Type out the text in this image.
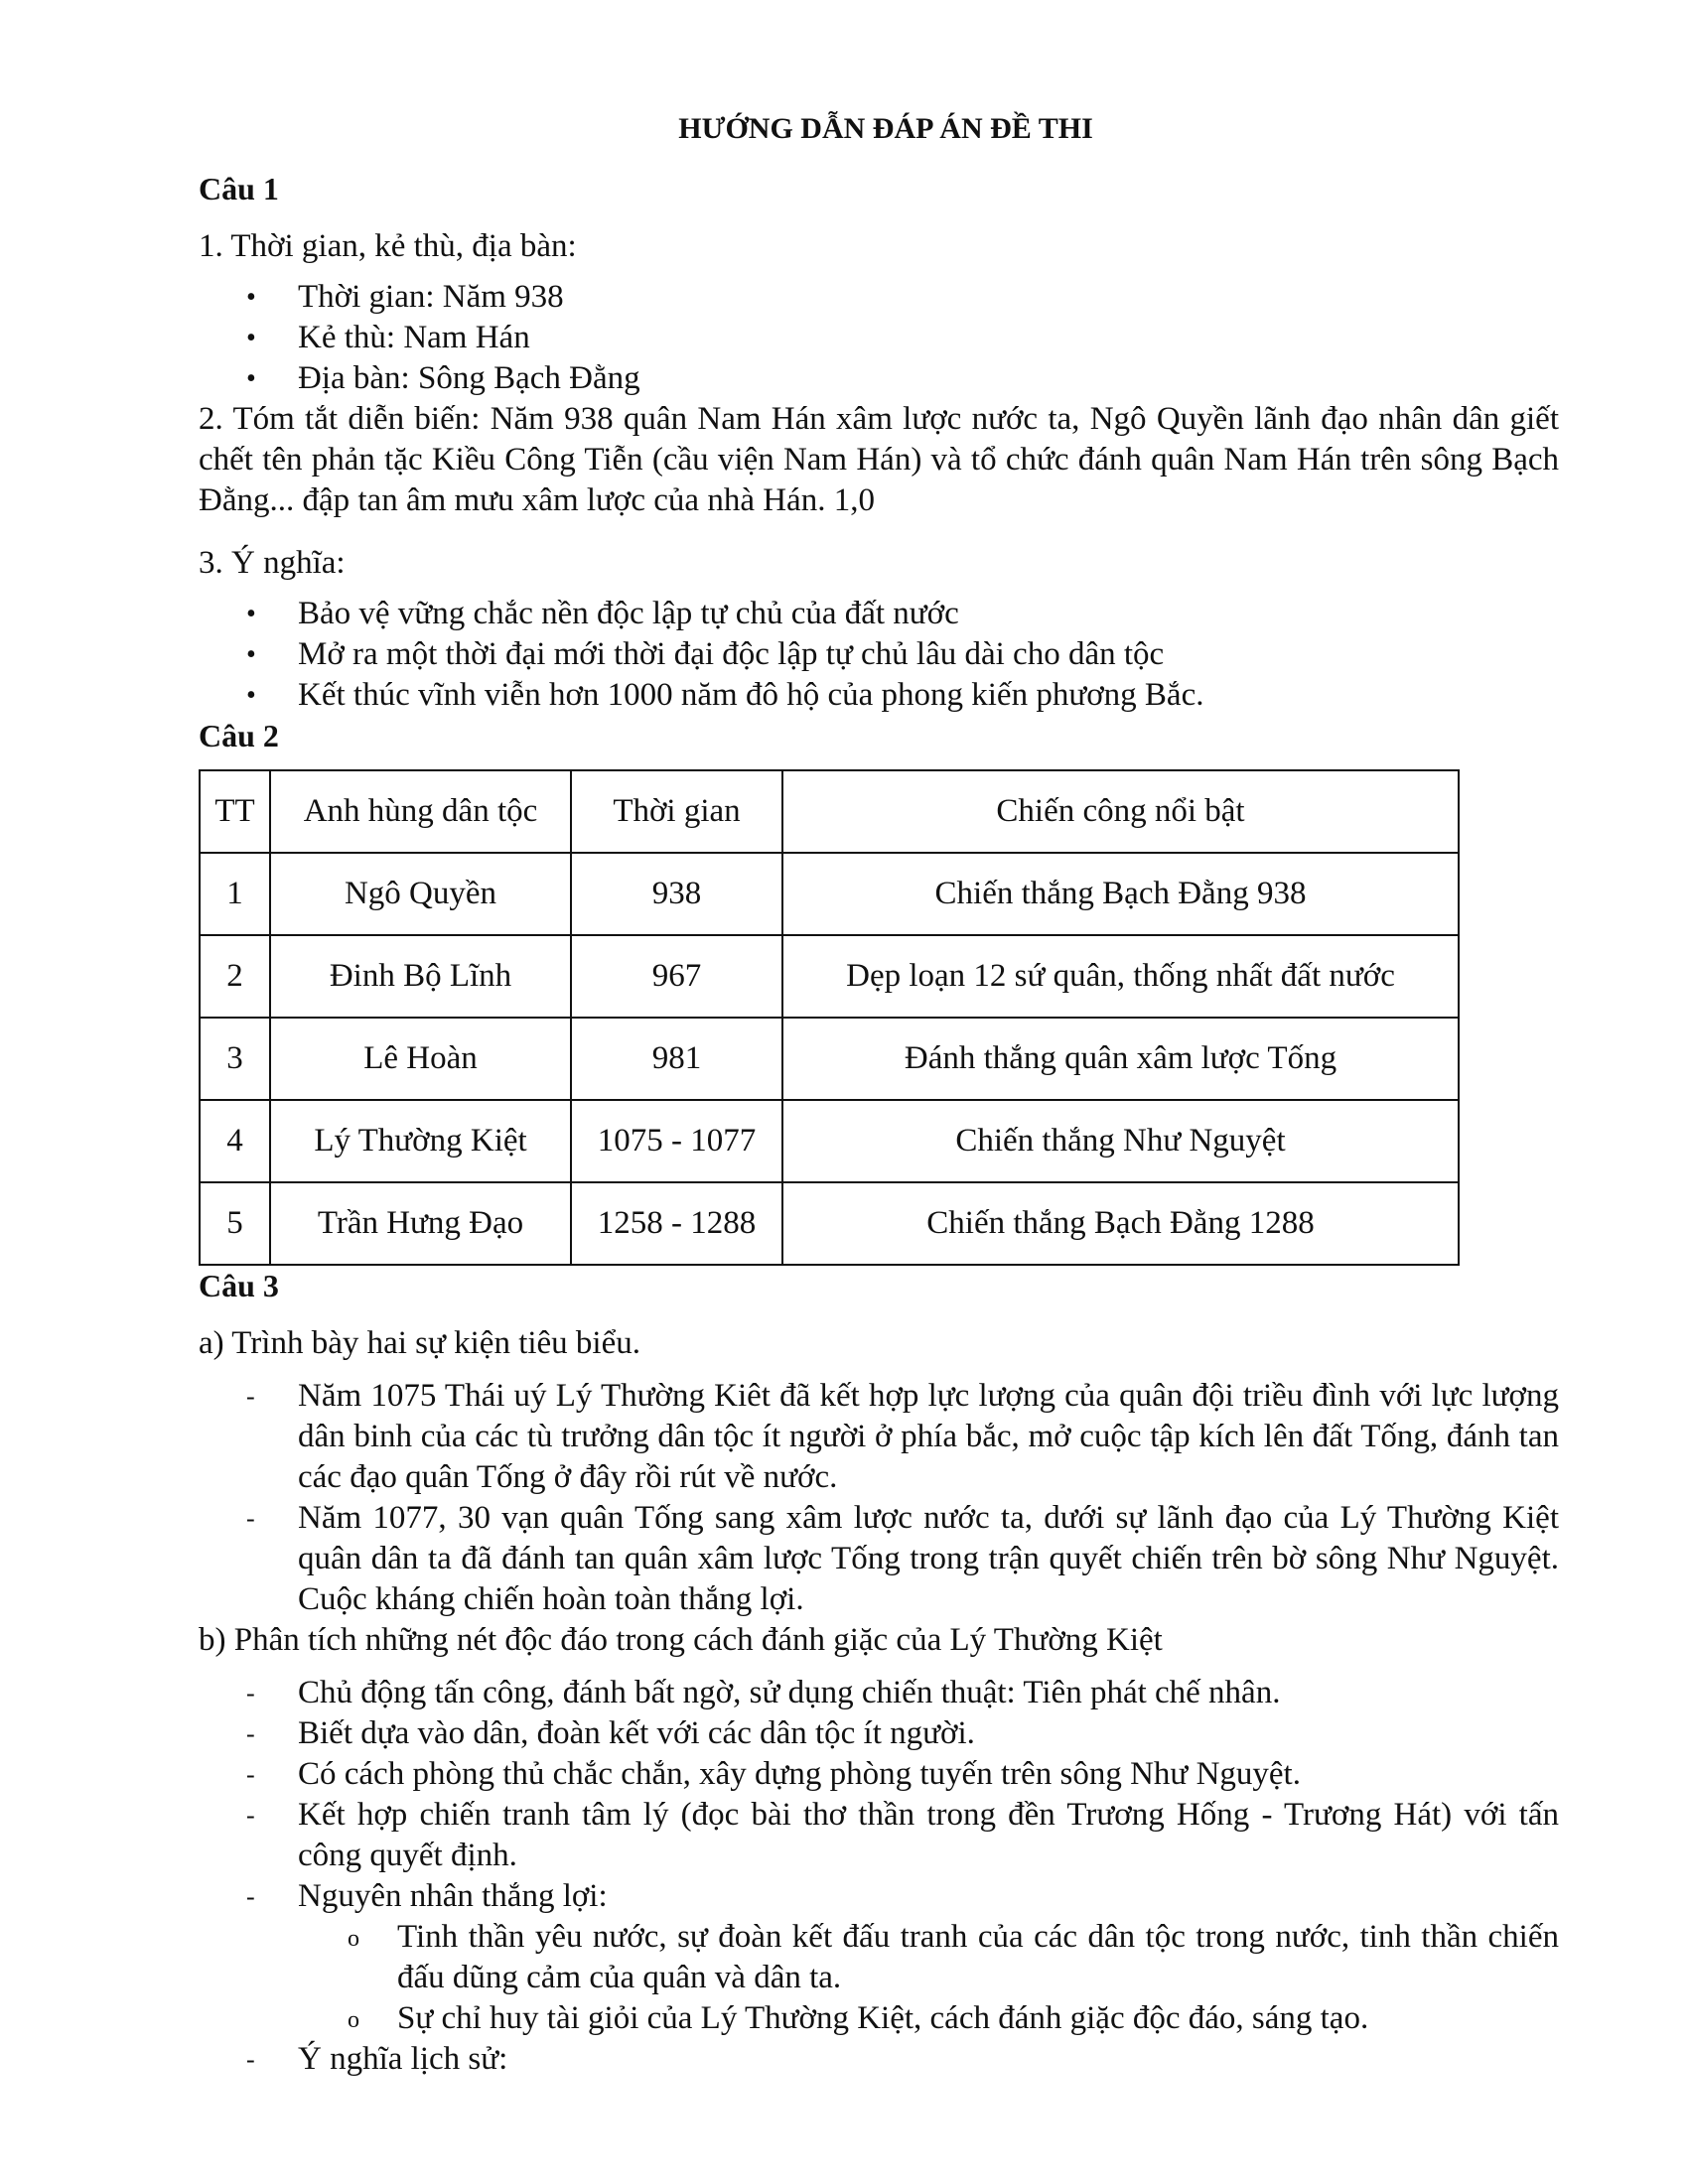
HƯỚNG DẪN ĐÁP ÁN ĐỀ THI

Câu 1

1. Thời gian, kẻ thù, địa bàn:

• Thời gian: Năm 938
• Kẻ thù: Nam Hán
• Địa bàn: Sông Bạch Đằng

2. Tóm tắt diễn biến: Năm 938 quân Nam Hán xâm lược nước ta, Ngô Quyền lãnh đạo nhân dân giết chết tên phản tặc Kiều Công Tiễn (cầu viện Nam Hán) và tổ chức đánh quân Nam Hán trên sông Bạch Đằng... đập tan âm mưu xâm lược của nhà Hán. 1,0

3. Ý nghĩa:

• Bảo vệ vững chắc nền độc lập tự chủ của đất nước
• Mở ra một thời đại mới thời đại độc lập tự chủ lâu dài cho dân tộc
• Kết thúc vĩnh viễn hơn 1000 năm đô hộ của phong kiến phương Bắc.

Câu 2

TT	Anh hùng dân tộc	Thời gian	Chiến công nổi bật
1	Ngô Quyền	938	Chiến thắng Bạch Đằng 938
2	Đinh Bộ Lĩnh	967	Dẹp loạn 12 sứ quân, thống nhất đất nước
3	Lê Hoàn	981	Đánh thắng quân xâm lược Tống
4	Lý Thường Kiệt	1075 - 1077	Chiến thắng Như Nguyệt
5	Trần Hưng Đạo	1258 - 1288	Chiến thắng Bạch Đằng 1288

Câu 3

a) Trình bày hai sự kiện tiêu biểu.

- Năm 1075 Thái uý Lý Thường Kiêt đã kết hợp lực lượng của quân đội triều đình với lực lượng dân binh của các tù trưởng dân tộc ít người ở phía bắc, mở cuộc tập kích lên đất Tống, đánh tan các đạo quân Tống ở đây rồi rút về nước.
- Năm 1077, 30 vạn quân Tống sang xâm lược nước ta, dưới sự lãnh đạo của Lý Thường Kiệt quân dân ta đã đánh tan quân xâm lược Tống trong trận quyết chiến trên bờ sông Như Nguyệt. Cuộc kháng chiến hoàn toàn thắng lợi.

b) Phân tích những nét độc đáo trong cách đánh giặc của Lý Thường Kiệt

- Chủ động tấn công, đánh bất ngờ, sử dụng chiến thuật: Tiên phát chế nhân.
- Biết dựa vào dân, đoàn kết với các dân tộc ít người.
- Có cách phòng thủ chắc chắn, xây dựng phòng tuyến trên sông Như Nguyệt.
- Kết hợp chiến tranh tâm lý (đọc bài thơ thần trong đền Trương Hống - Trương Hát) với tấn công quyết định.
- Nguyên nhân thắng lợi:
o Tinh thần yêu nước, sự đoàn kết đấu tranh của các dân tộc trong nước, tinh thần chiến đấu dũng cảm của quân và dân ta.
o Sự chỉ huy tài giỏi của Lý Thường Kiệt, cách đánh giặc độc đáo, sáng tạo.
- Ý nghĩa lịch sử:
